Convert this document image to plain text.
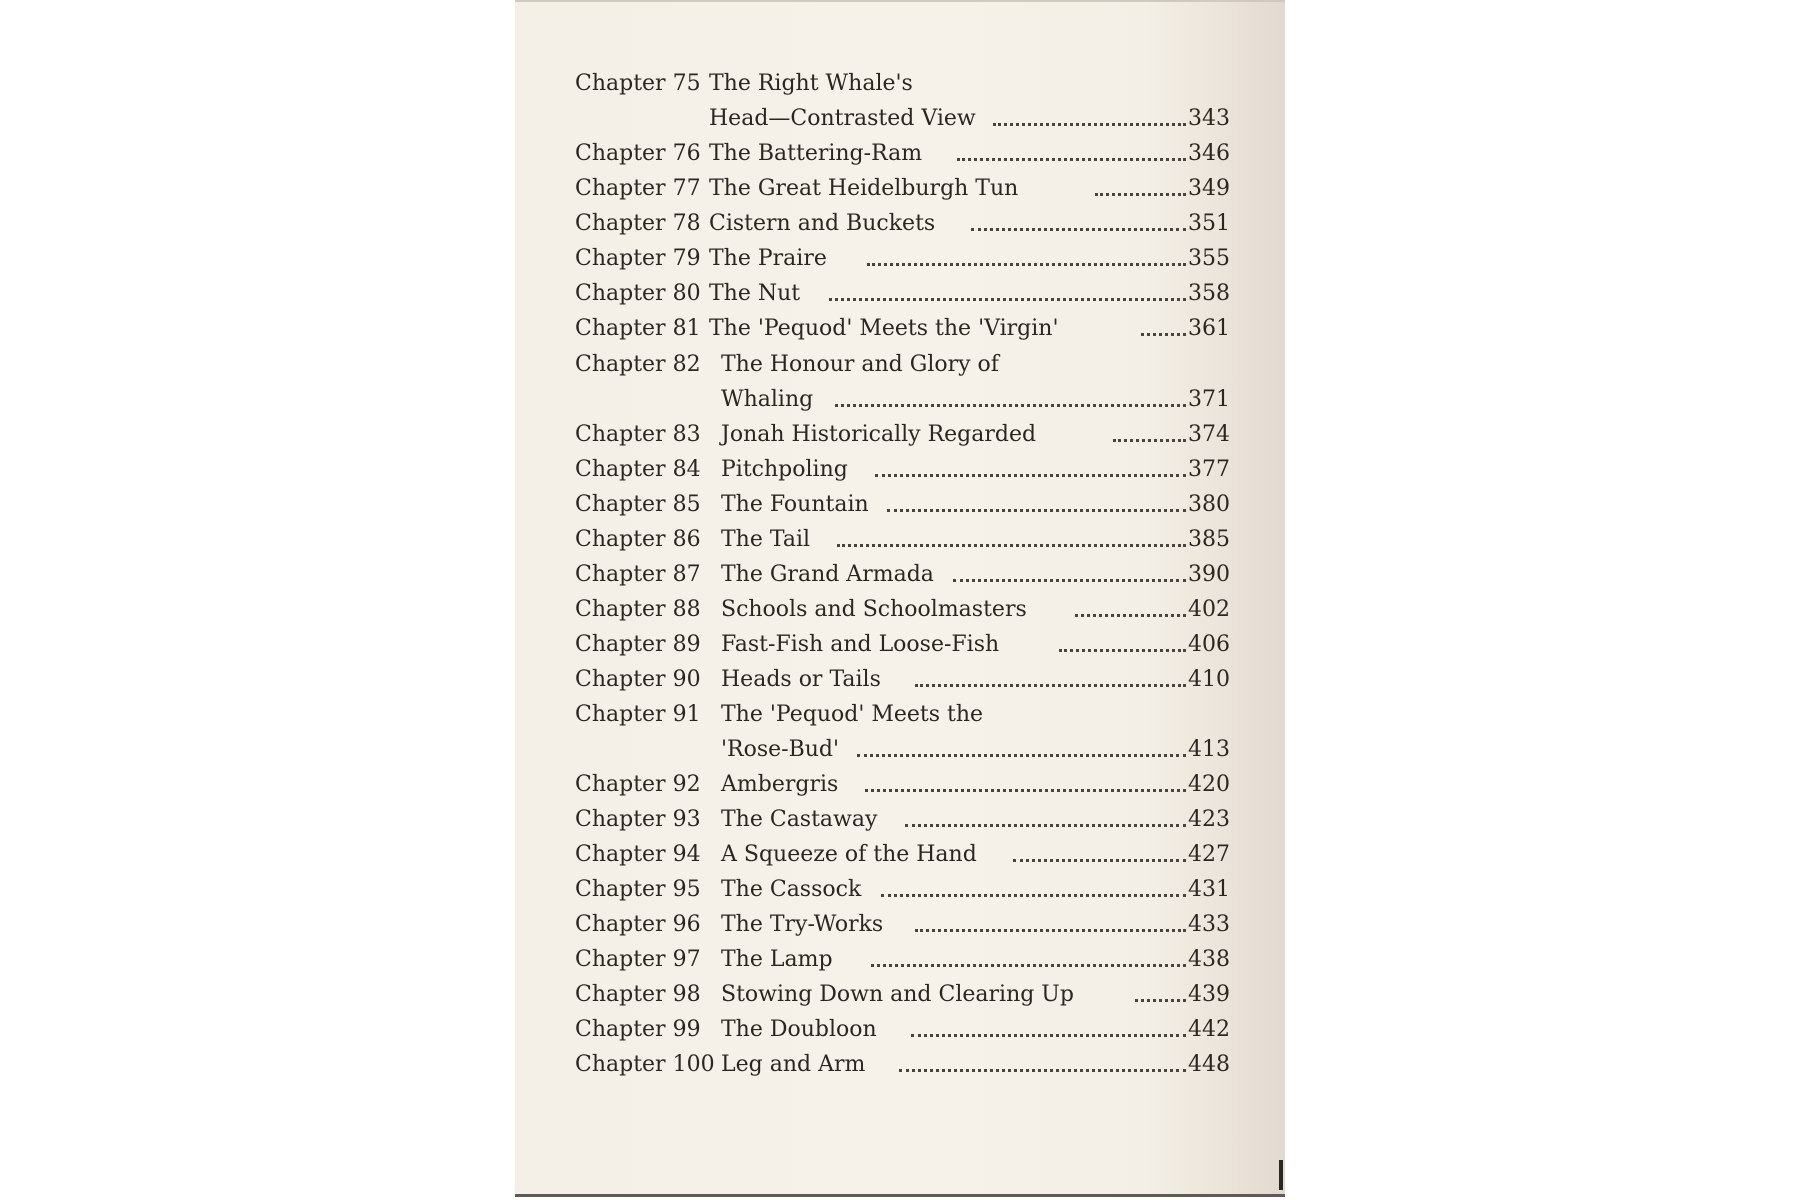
Chapter 75 The Right Whale's
Head—Contrasted View	343
Chapter 76 The Battering-Ram	346
Chapter 77 The Great Heidelburgh Tun	349
Chapter 78 Cistern and Buckets	351
Chapter 79 The Praire	355
Chapter 80 The Nut	358
Chapter 81 The 'Pequod' Meets the 'Virgin'	361
Chapter 82 The Honour and Glory of
Whaling	371
Chapter 83 Jonah Historically Regarded	374
Chapter 84 Pitchpoling	377
Chapter 85 The Fountain	380
Chapter 86 The Tail	385
Chapter 87 The Grand Armada	390
Chapter 88 Schools and Schoolmasters	402
Chapter 89 Fast-Fish and Loose-Fish	406
Chapter 90 Heads or Tails	410
Chapter 91 The 'Pequod' Meets the
'Rose-Bud'	413
Chapter 92 Ambergris	420
Chapter 93 The Castaway	423
Chapter 94 A Squeeze of the Hand	427
Chapter 95 The Cassock	431
Chapter 96 The Try-Works	433
Chapter 97 The Lamp	438
Chapter 98 Stowing Down and Clearing Up	439
Chapter 99 The Doubloon	442
Chapter 100 Leg and Arm	448
